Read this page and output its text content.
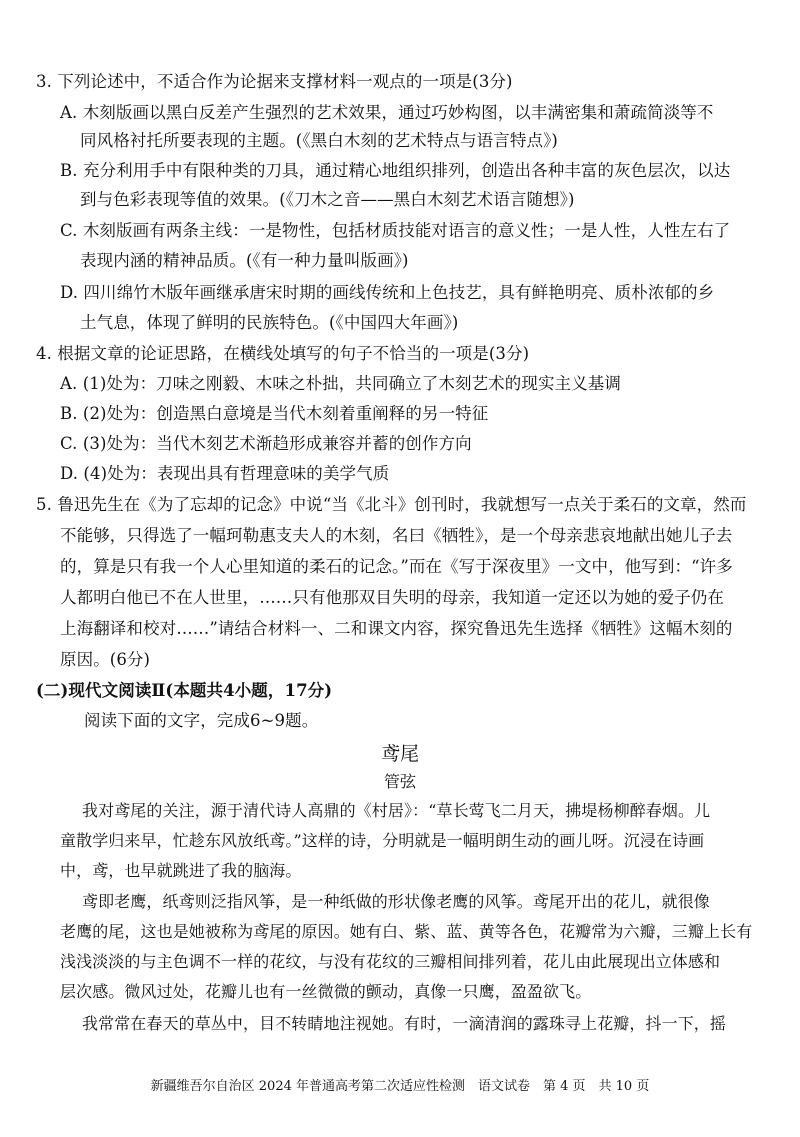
3. 下列论述中，不适合作为论据来支撑材料一观点的一项是(3分)
A. 木刻版画以黑白反差产生强烈的艺术效果，通过巧妙构图，以丰满密集和萧疏简淡等不
同风格衬托所要表现的主题。(《黑白木刻的艺术特点与语言特点》)
B. 充分利用手中有限种类的刀具，通过精心地组织排列，创造出各种丰富的灰色层次，以达
到与色彩表现等值的效果。(《刀木之音——黑白木刻艺术语言随想》)
C. 木刻版画有两条主线：一是物性，包括材质技能对语言的意义性；一是人性，人性左右了
表现内涵的精神品质。(《有一种力量叫版画》)
D. 四川绵竹木版年画继承唐宋时期的画线传统和上色技艺，具有鲜艳明亮、质朴浓郁的乡
土气息，体现了鲜明的民族特色。(《中国四大年画》)
4. 根据文章的论证思路，在横线处填写的句子不恰当的一项是(3分)
A. (1)处为：刀味之刚毅、木味之朴拙，共同确立了木刻艺术的现实主义基调
B. (2)处为：创造黑白意境是当代木刻着重阐释的另一特征
C. (3)处为：当代木刻艺术渐趋形成兼容并蓄的创作方向
D. (4)处为：表现出具有哲理意味的美学气质
5. 鲁迅先生在《为了忘却的记念》中说“当《北斗》创刊时，我就想写一点关于柔石的文章，然而
不能够，只得选了一幅珂勒惠支夫人的木刻，名曰《牺牲》，是一个母亲悲哀地献出她儿子去
的，算是只有我一个人心里知道的柔石的记念。”而在《写于深夜里》一文中，他写到：“许多
人都明白他已不在人世里，……只有他那双目失明的母亲，我知道一定还以为她的爱子仍在
上海翻译和校对……”请结合材料一、二和课文内容，探究鲁迅先生选择《牺牲》这幅木刻的
原因。(6分)
(二)现代文阅读Ⅱ(本题共4小题，17分)
阅读下面的文字，完成6~9题。
鸢尾
管弦
我对鸢尾的关注，源于清代诗人高鼎的《村居》：“草长莺飞二月天，拂堤杨柳醉春烟。儿
童散学归来早，忙趁东风放纸鸢。”这样的诗，分明就是一幅明朗生动的画儿呀。沉浸在诗画
中，鸢，也早就跳进了我的脑海。
鸢即老鹰，纸鸢则泛指风筝，是一种纸做的形状像老鹰的风筝。鸢尾开出的花儿，就很像
老鹰的尾，这也是她被称为鸢尾的原因。她有白、紫、蓝、黄等各色，花瓣常为六瓣，三瓣上长有
浅浅淡淡的与主色调不一样的花纹，与没有花纹的三瓣相间排列着，花儿由此展现出立体感和
层次感。微风过处，花瓣儿也有一丝微微的颤动，真像一只鹰，盈盈欲飞。
我常常在春天的草丛中，目不转睛地注视她。有时，一滴清润的露珠寻上花瓣，抖一下，摇
新疆维吾尔自治区 2024 年普通高考第二次适应性检测　语文试卷　第 4 页　共 10 页
